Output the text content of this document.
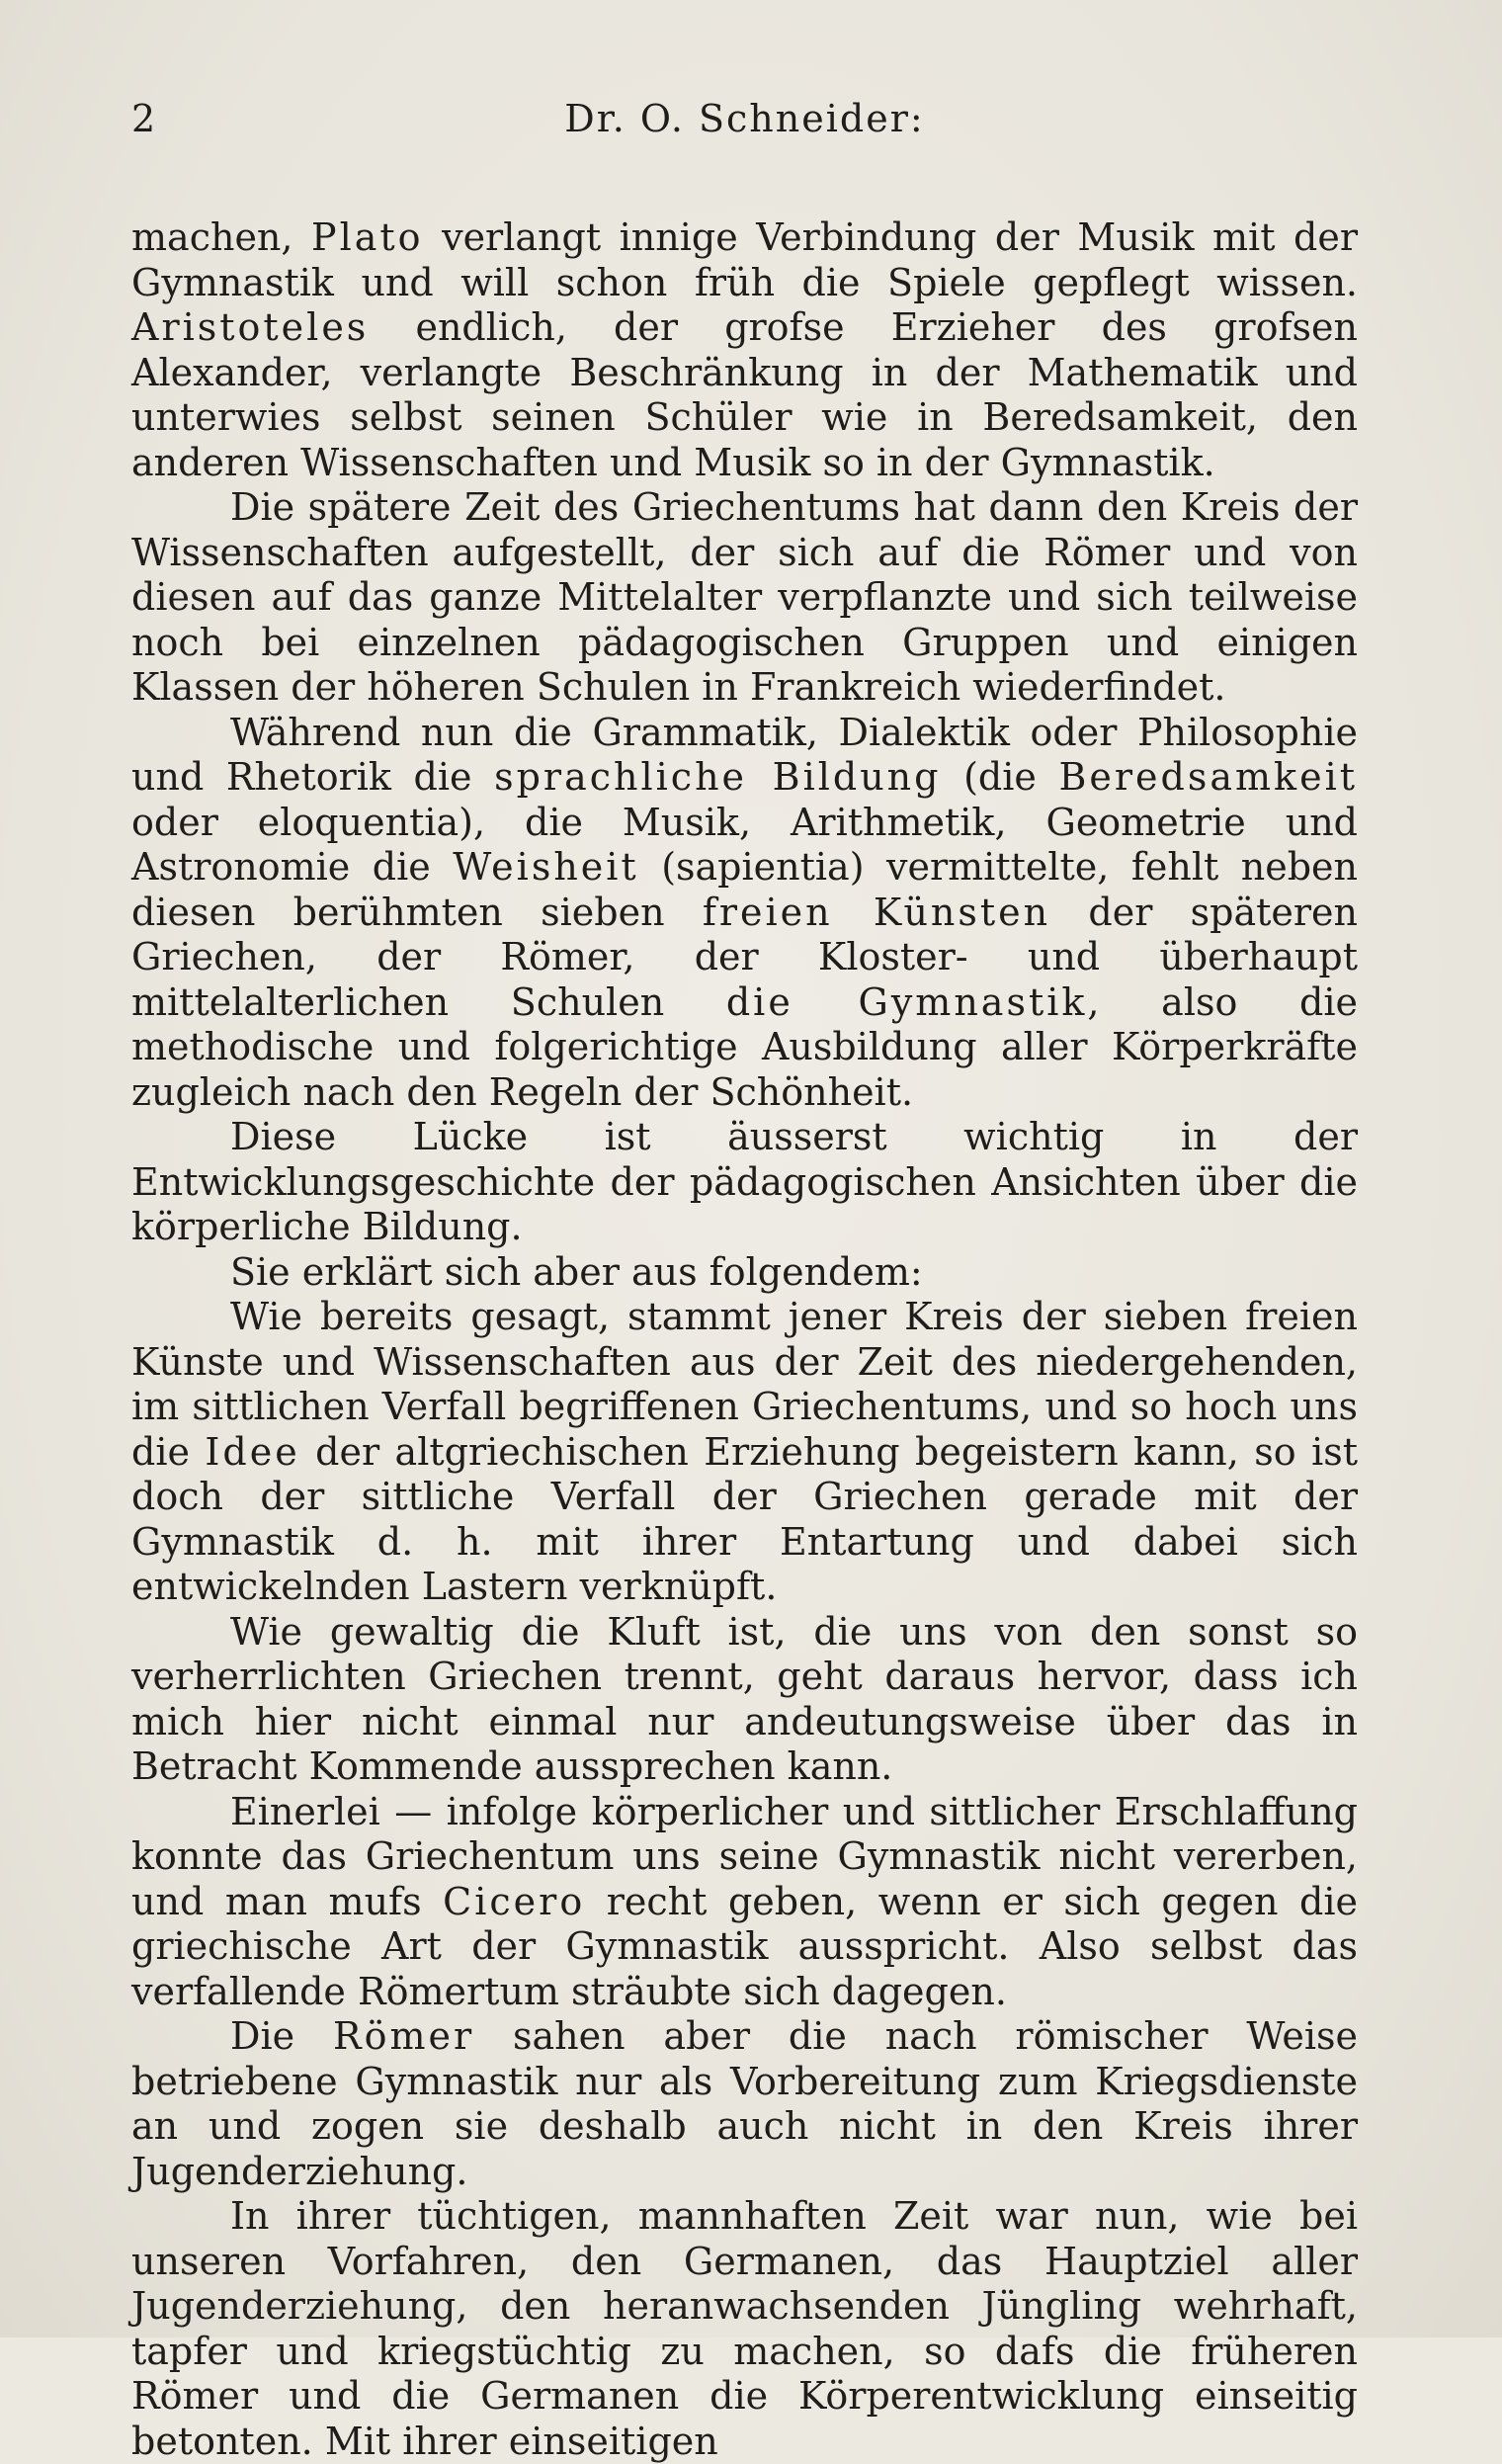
2	Dr. O. Schneider:

machen, Plato verlangt innige Verbindung der Musik mit der Gymnastik und will schon früh die Spiele gepflegt wissen. Aristoteles endlich, der grofse Erzieher des grofsen Alexander, verlangte Beschränkung in der Mathematik und unterwies selbst seinen Schüler wie in Beredsamkeit, den anderen Wissenschaften und Musik so in der Gymnastik.

Die spätere Zeit des Griechentums hat dann den Kreis der Wissenschaften aufgestellt, der sich auf die Römer und von diesen auf das ganze Mittelalter verpflanzte und sich teilweise noch bei einzelnen pädagogischen Gruppen und einigen Klassen der höheren Schulen in Frankreich wiederfindet.

Während nun die Grammatik, Dialektik oder Philosophie und Rhetorik die sprachliche Bildung (die Beredsamkeit oder eloquentia), die Musik, Arithmetik, Geometrie und Astronomie die Weisheit (sapientia) vermittelte, fehlt neben diesen berühmten sieben freien Künsten der späteren Griechen, der Römer, der Kloster- und überhaupt mittelalterlichen Schulen die Gymnastik, also die methodische und folgerichtige Ausbildung aller Körperkräfte zugleich nach den Regeln der Schönheit.

Diese Lücke ist äusserst wichtig in der Entwicklungsgeschichte der pädagogischen Ansichten über die körperliche Bildung.

Sie erklärt sich aber aus folgendem:

Wie bereits gesagt, stammt jener Kreis der sieben freien Künste und Wissenschaften aus der Zeit des niedergehenden, im sittlichen Verfall begriffenen Griechentums, und so hoch uns die Idee der altgriechischen Erziehung begeistern kann, so ist doch der sittliche Verfall der Griechen gerade mit der Gymnastik d. h. mit ihrer Entartung und dabei sich entwickelnden Lastern verknüpft.

Wie gewaltig die Kluft ist, die uns von den sonst so verherrlichten Griechen trennt, geht daraus hervor, dass ich mich hier nicht einmal nur andeutungsweise über das in Betracht Kommende aussprechen kann.

Einerlei — infolge körperlicher und sittlicher Erschlaffung konnte das Griechentum uns seine Gymnastik nicht vererben, und man mufs Cicero recht geben, wenn er sich gegen die griechische Art der Gymnastik ausspricht. Also selbst das verfallende Römertum sträubte sich dagegen.

Die Römer sahen aber die nach römischer Weise betriebene Gymnastik nur als Vorbereitung zum Kriegsdienste an und zogen sie deshalb auch nicht in den Kreis ihrer Jugenderziehung.

In ihrer tüchtigen, mannhaften Zeit war nun, wie bei unseren Vorfahren, den Germanen, das Hauptziel aller Jugenderziehung, den heranwachsenden Jüngling wehrhaft, tapfer und kriegstüchtig zu machen, so dafs die früheren Römer und die Germanen die Körperentwicklung einseitig betonten. Mit ihrer einseitigen
